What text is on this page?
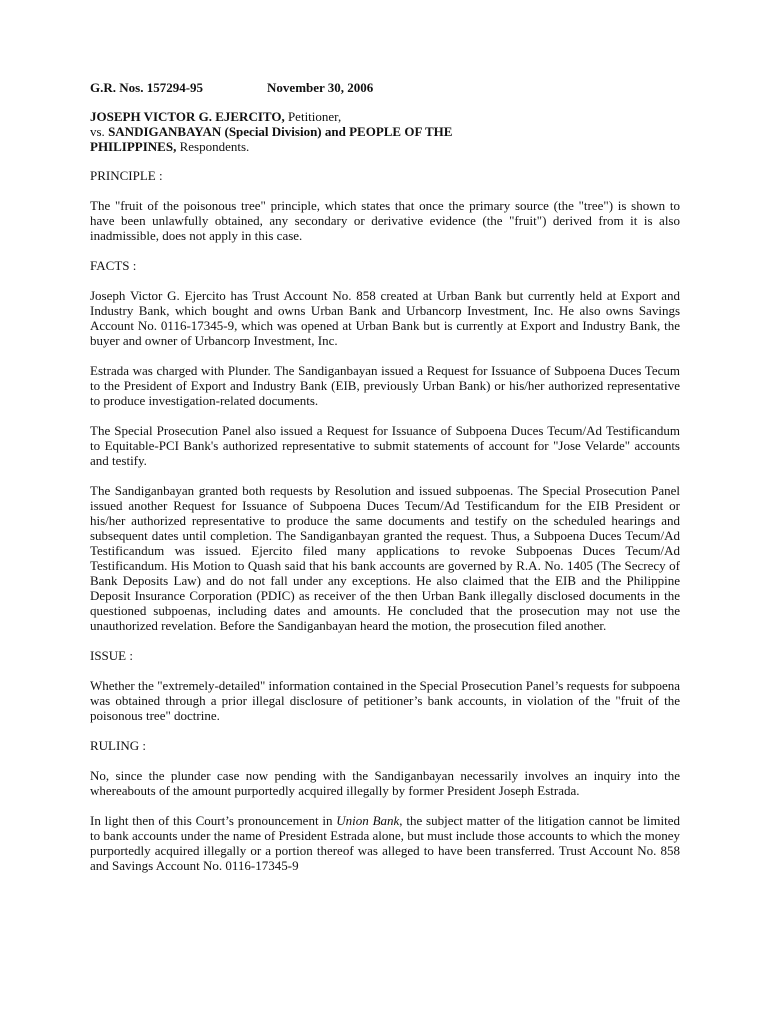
G.R. Nos. 157294-95	November 30, 2006
JOSEPH VICTOR G. EJERCITO, Petitioner,
vs. SANDIGANBAYAN (Special Division) and PEOPLE OF THE
PHILIPPINES, Respondents.
PRINCIPLE :

The "fruit of the poisonous tree" principle, which states that once the primary source (the "tree") is shown to have been unlawfully obtained, any secondary or derivative evidence (the "fruit") derived from it is also inadmissible, does not apply in this case.

FACTS :

Joseph Victor G. Ejercito has Trust Account No. 858 created at Urban Bank but currently held at Export and Industry Bank, which bought and owns Urban Bank and Urbancorp Investment, Inc. He also owns Savings Account No. 0116-17345-9, which was opened at Urban Bank but is currently at Export and Industry Bank, the buyer and owner of Urbancorp Investment, Inc.

Estrada was charged with Plunder. The Sandiganbayan issued a Request for Issuance of Subpoena Duces Tecum to the President of Export and Industry Bank (EIB, previously Urban Bank) or his/her authorized representative to produce investigation-related documents.

The Special Prosecution Panel also issued a Request for Issuance of Subpoena Duces Tecum/Ad Testificandum to Equitable-PCI Bank's authorized representative to submit statements of account for "Jose Velarde" accounts and testify.

The Sandiganbayan granted both requests by Resolution and issued subpoenas. The Special Prosecution Panel issued another Request for Issuance of Subpoena Duces Tecum/Ad Testificandum for the EIB President or his/her authorized representative to produce the same documents and testify on the scheduled hearings and subsequent dates until completion. The Sandiganbayan granted the request. Thus, a Subpoena Duces Tecum/Ad Testificandum was issued. Ejercito filed many applications to revoke Subpoenas Duces Tecum/Ad Testificandum. His Motion to Quash said that his bank accounts are governed by R.A. No. 1405 (The Secrecy of Bank Deposits Law) and do not fall under any exceptions. He also claimed that the EIB and the Philippine Deposit Insurance Corporation (PDIC) as receiver of the then Urban Bank illegally disclosed documents in the questioned subpoenas, including dates and amounts. He concluded that the prosecution may not use the unauthorized revelation. Before the Sandiganbayan heard the motion, the prosecution filed another.

ISSUE :

Whether the "extremely-detailed" information contained in the Special Prosecution Panel’s requests for subpoena was obtained through a prior illegal disclosure of petitioner’s bank accounts, in violation of the "fruit of the poisonous tree" doctrine.

RULING :

No, since the plunder case now pending with the Sandiganbayan necessarily involves an inquiry into the whereabouts of the amount purportedly acquired illegally by former President Joseph Estrada.

In light then of this Court’s pronouncement in Union Bank, the subject matter of the litigation cannot be limited to bank accounts under the name of President Estrada alone, but must include those accounts to which the money purportedly acquired illegally or a portion thereof was alleged to have been transferred. Trust Account No. 858 and Savings Account No. 0116-17345-9
